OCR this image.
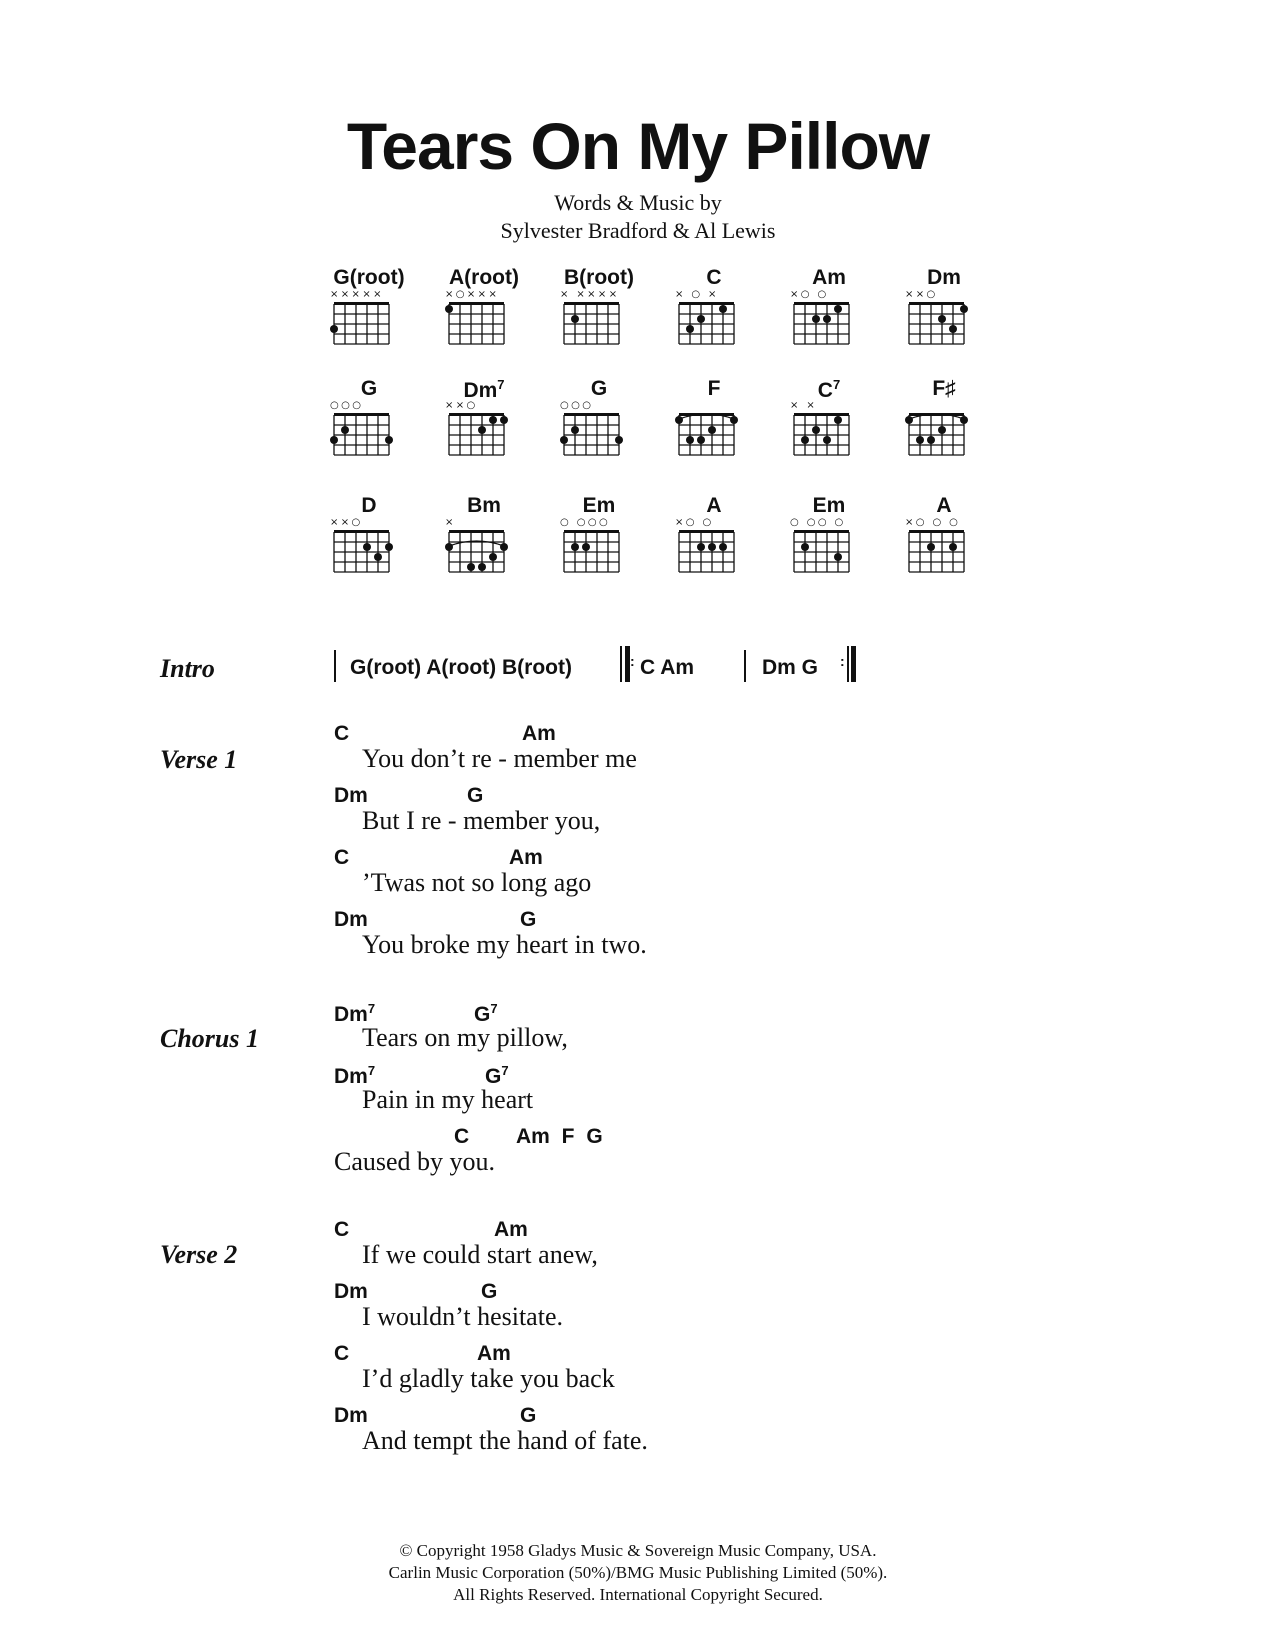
Tears On My Pillow
Words & Music by
Sylvester Bradford & Al Lewis
G(root)
×××××
A(root)
×○×××
B(root)
× ××××
C
× ○ ×
Am
×○ ○
Dm
××○
G
○○○
$Dm^7$
××○
G
○○○
F	$C^7$
× ×
F♯
D
××○
Bm
×
Em
○ ○○○
A
×○ ○
Em
○ ○○ ○
A
×○ ○ ○
Intro	G(root) A(root) B(root)	: C Am	Dm G :
Verse 1
C	Am
You don’t re - member me
Dm	G
But I re - member you,
C	Am
’Twas not so long ago
Dm	G
You broke my heart in two.
Chorus 1
Dm$^7$	$G^7$
Tears on my pillow,
Dm$^7$	$G^7$
Pain in my heart
C Am F G
Caused by you.
Verse 2
C	Am
If we could start anew,
Dm	G
I wouldn’t hesitate.
C	Am
I’d gladly take you back
Dm	G
And tempt the hand of fate.
© Copyright 1958 Gladys Music & Sovereign Music Company, USA.
Carlin Music Corporation (50%)/BMG Music Publishing Limited (50%).
All Rights Reserved. International Copyright Secured.
